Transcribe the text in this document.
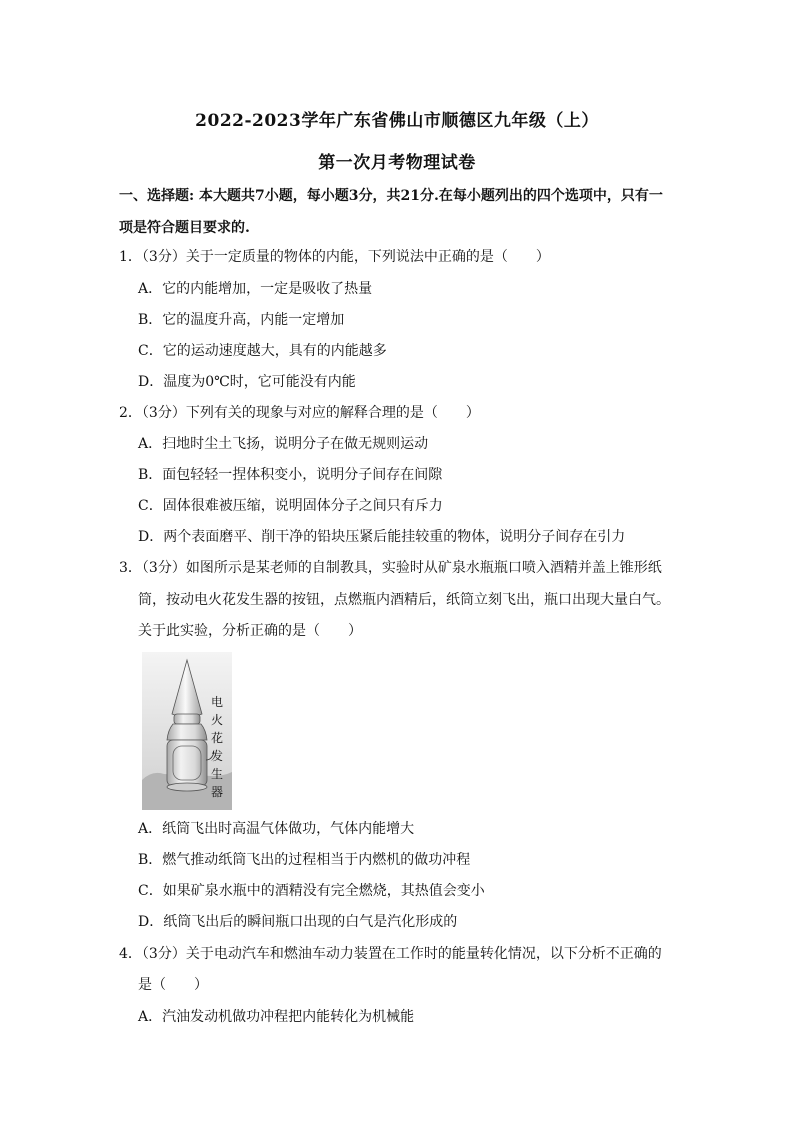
2022-2023学年广东省佛山市顺德区九年级（上）
第一次月考物理试卷
一、选择题: 本大题共7小题，每小题3分，共21分.在每小题列出的四个选项中，只有一
项是符合题目要求的.
1．（3分）关于一定质量的物体的内能，下列说法中正确的是（　　）
A．它的内能增加，一定是吸收了热量
B．它的温度升高，内能一定增加
C．它的运动速度越大，具有的内能越多
D．温度为0℃时，它可能没有内能
2．（3分）下列有关的现象与对应的解释合理的是（　　）
A．扫地时尘土飞扬，说明分子在做无规则运动
B．面包轻轻一捏体积变小，说明分子间存在间隙
C．固体很难被压缩，说明固体分子之间只有斥力
D．两个表面磨平、削干净的铅块压紧后能挂较重的物体，说明分子间存在引力
3．（3分）如图所示是某老师的自制教具，实验时从矿泉水瓶瓶口喷入酒精并盖上锥形纸
筒，按动电火花发生器的按钮，点燃瓶内酒精后，纸筒立刻飞出，瓶口出现大量白气。
关于此实验，分析正确的是（　　）
电
火
花
发
生
器
A．纸筒飞出时高温气体做功，气体内能增大
B．燃气推动纸筒飞出的过程相当于内燃机的做功冲程
C．如果矿泉水瓶中的酒精没有完全燃烧，其热值会变小
D．纸筒飞出后的瞬间瓶口出现的白气是汽化形成的
4．（3分）关于电动汽车和燃油车动力装置在工作时的能量转化情况，以下分析不正确的
是（　　）
A．汽油发动机做功冲程把内能转化为机械能
